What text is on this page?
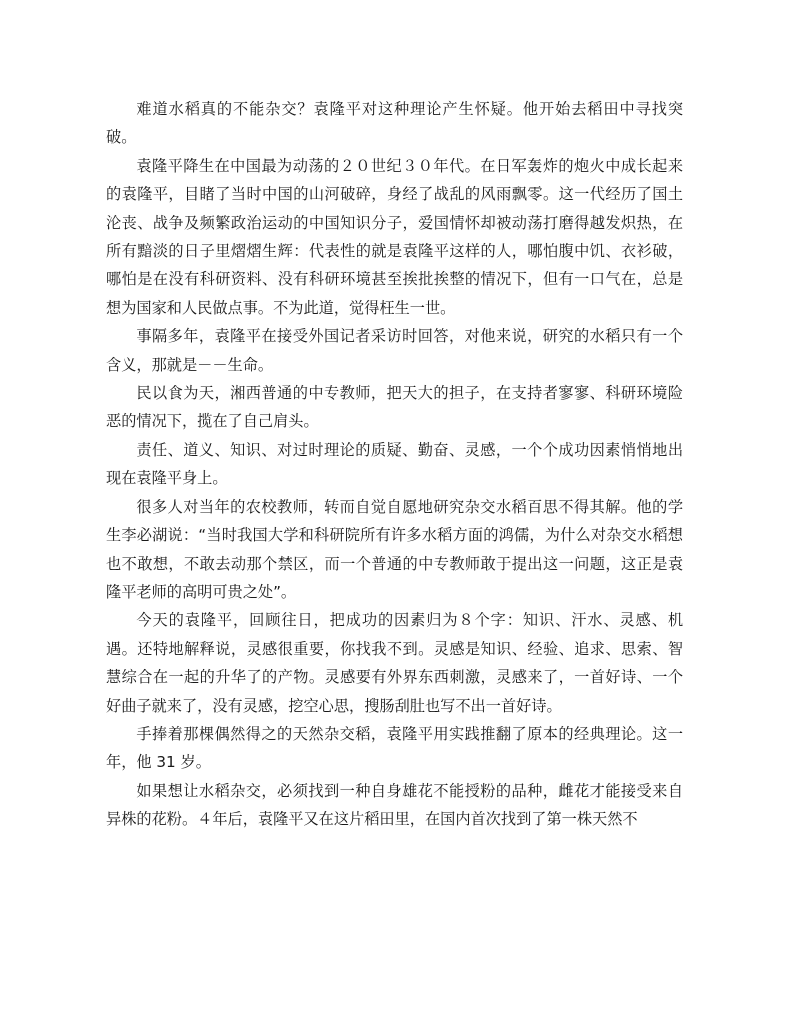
难道水稻真的不能杂交？袁隆平对这种理论产生怀疑。他开始去稻田中寻找突破。

袁隆平降生在中国最为动荡的２０世纪３０年代。在日军轰炸的炮火中成长起来的袁隆平，目睹了当时中国的山河破碎，身经了战乱的风雨飘零。这一代经历了国土沦丧、战争及频繁政治运动的中国知识分子，爱国情怀却被动荡打磨得越发炽热，在所有黯淡的日子里熠熠生辉：代表性的就是袁隆平这样的人，哪怕腹中饥、衣衫破，哪怕是在没有科研资料、没有科研环境甚至挨批挨整的情况下，但有一口气在，总是想为国家和人民做点事。不为此道，觉得枉生一世。

事隔多年，袁隆平在接受外国记者采访时回答，对他来说，研究的水稻只有一个含义，那就是－－生命。

民以食为天，湘西普通的中专教师，把天大的担子，在支持者寥寥、科研环境险恶的情况下，揽在了自己肩头。

责任、道义、知识、对过时理论的质疑、勤奋、灵感，一个个成功因素悄悄地出现在袁隆平身上。

很多人对当年的农校教师，转而自觉自愿地研究杂交水稻百思不得其解。他的学生李必湖说：“当时我国大学和科研院所有许多水稻方面的鸿儒，为什么对杂交水稻想也不敢想，不敢去动那个禁区，而一个普通的中专教师敢于提出这一问题，这正是袁隆平老师的高明可贵之处”。

今天的袁隆平，回顾往日，把成功的因素归为８个字：知识、汗水、灵感、机遇。还特地解释说，灵感很重要，你找我不到。灵感是知识、经验、追求、思索、智慧综合在一起的升华了的产物。灵感要有外界东西刺激，灵感来了，一首好诗、一个好曲子就来了，没有灵感，挖空心思，搜肠刮肚也写不出一首好诗。

手捧着那棵偶然得之的天然杂交稻，袁隆平用实践推翻了原本的经典理论。这一年，他 31 岁。

如果想让水稻杂交，必须找到一种自身雄花不能授粉的品种，雌花才能接受来自异株的花粉。４年后，袁隆平又在这片稻田里，在国内首次找到了第一株天然不
